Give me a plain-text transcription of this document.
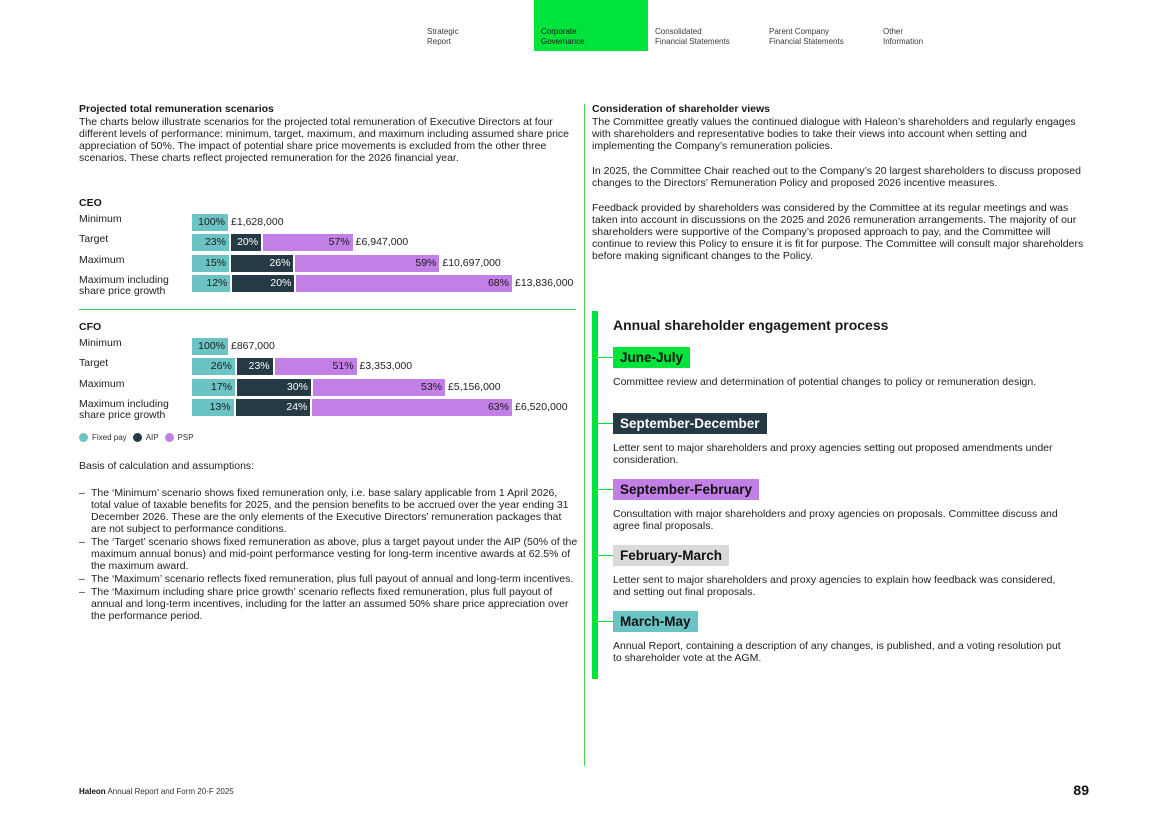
Strategic
Report
Corporate
Governance
Consolidated
Financial Statements
Parent Company
Financial Statements
Other
Information
Projected total remuneration scenarios
The charts below illustrate scenarios for the projected total remuneration of Executive Directors at four different levels of performance: minimum, target, maximum, and maximum including assumed share price appreciation of 50%. The impact of potential share price movements is excluded from the other three scenarios. These charts reflect projected remuneration for the 2026 financial year.
CEO
Minimum	100% £1,628,000
Target	23%	20%	57% £6,947,000
Maximum	15%	26%	59% £10,697,000
Maximum including share price growth
12%	20%	68% £13,836,000
CFO
Minimum	100% £867,000
Target	26%	23%	51% £3,353,000
Maximum	17%	30%	53% £5,156,000
Maximum including share price growth
13%	24%	63% £6,520,000
Fixed pay AIP PSP
Basis of calculation and assumptions:
– The ‘Minimum’ scenario shows fixed remuneration only, i.e. base salary applicable from 1 April 2026, total value of taxable benefits for 2025, and the pension benefits to be accrued over the year ending 31 December 2026. These are the only elements of the Executive Directors’ remuneration packages that are not subject to performance conditions.
– The ‘Target’ scenario shows fixed remuneration as above, plus a target payout under the AIP (50% of the maximum annual bonus) and mid-point performance vesting for long-term incentive awards at 62.5% of the maximum award.
– The ‘Maximum’ scenario reflects fixed remuneration, plus full payout of annual and long-term incentives.
– The ‘Maximum including share price growth’ scenario reflects fixed remuneration, plus full payout of annual and long-term incentives, including for the latter an assumed 50% share price appreciation over the performance period.
Consideration of shareholder views

The Committee greatly values the continued dialogue with Haleon’s shareholders and regularly engages with shareholders and representative bodies to take their views into account when setting and implementing the Company’s remuneration policies.

In 2025, the Committee Chair reached out to the Company’s 20 largest shareholders to discuss proposed changes to the Directors’ Remuneration Policy and proposed 2026 incentive measures.

Feedback provided by shareholders was considered by the Committee at its regular meetings and was taken into account in discussions on the 2025 and 2026 remuneration arrangements. The majority of our shareholders were supportive of the Company’s proposed approach to pay, and the Committee will continue to review this Policy to ensure it is fit for purpose. The Committee will consult major shareholders before making significant changes to the Policy.

Annual shareholder engagement process
June-July
Committee review and determination of potential changes to policy or remuneration design.
September-December
Letter sent to major shareholders and proxy agencies setting out proposed amendments under consideration.
September-February
Consultation with major shareholders and proxy agencies on proposals. Committee discuss and agree final proposals.
February-March
Letter sent to major shareholders and proxy agencies to explain how feedback was considered, and setting out final proposals.
March-May
Annual Report, containing a description of any changes, is published, and a voting resolution put to shareholder vote at the AGM.
Haleon Annual Report and Form 20-F 2025	89
